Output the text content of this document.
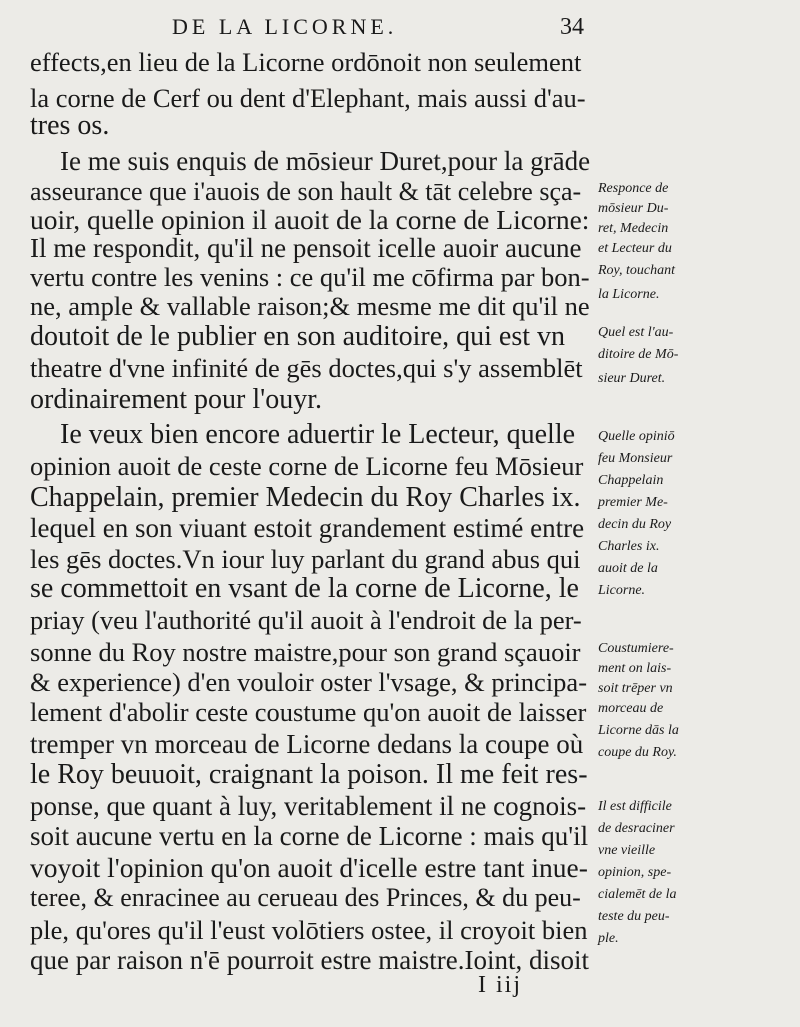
DE LA LICORNE.	34
effects,en lieu de la Licorne ordōnoit non seulement
la corne de Cerf ou dent d'Elephant, mais aussi d'au-
tres os.
Ie me suis enquis de mōsieur Duret,pour la grāde
asseurance que i'auois de son hault & tāt celebre sça-
uoir, quelle opinion il auoit de la corne de Licorne:
Il me respondit, qu'il ne pensoit icelle auoir aucune
vertu contre les venins : ce qu'il me cōfirma par bon-
ne, ample & vallable raison;& mesme me dit qu'il ne
doutoit de le publier en son auditoire, qui est vn
theatre d'vne infinité de gēs doctes,qui s'y assemblēt
ordinairement pour l'ouyr.
Ie veux bien encore aduertir le Lecteur, quelle
opinion auoit de ceste corne de Licorne feu Mōsieur
Chappelain, premier Medecin du Roy Charles ix.
lequel en son viuant estoit grandement estimé entre
les gēs doctes.Vn iour luy parlant du grand abus qui
se commettoit en vsant de la corne de Licorne, le
priay (veu l'authorité qu'il auoit à l'endroit de la per-
sonne du Roy nostre maistre,pour son grand sçauoir
& experience) d'en vouloir oster l'vsage, & principa-
lement d'abolir ceste coustume qu'on auoit de laisser
tremper vn morceau de Licorne dedans la coupe où
le Roy beuuoit, craignant la poison. Il me feit res-
ponse, que quant à luy, veritablement il ne cognois-
soit aucune vertu en la corne de Licorne : mais qu'il
voyoit l'opinion qu'on auoit d'icelle estre tant inue-
teree, & enracinee au cerueau des Princes, & du peu-
ple, qu'ores qu'il l'eust volōtiers ostee, il croyoit bien
que par raison n'ē pourroit estre maistre.Ioint, disoit
Responce de
mōsieur Du-
ret, Medecin
et Lecteur du
Roy, touchant
la Licorne.
Quel est l'au-
ditoire de Mō-
sieur Duret.
Quelle opiniō
feu Monsieur
Chappelain
premier Me-
decin du Roy
Charles ix.
auoit de la
Licorne.
Coustumiere-
ment on lais-
soit trēper vn
morceau de
Licorne dās la
coupe du Roy.
Il est difficile
de desraciner
vne vieille
opinion, spe-
cialemēt de la
teste du peu-
ple.
I iij
